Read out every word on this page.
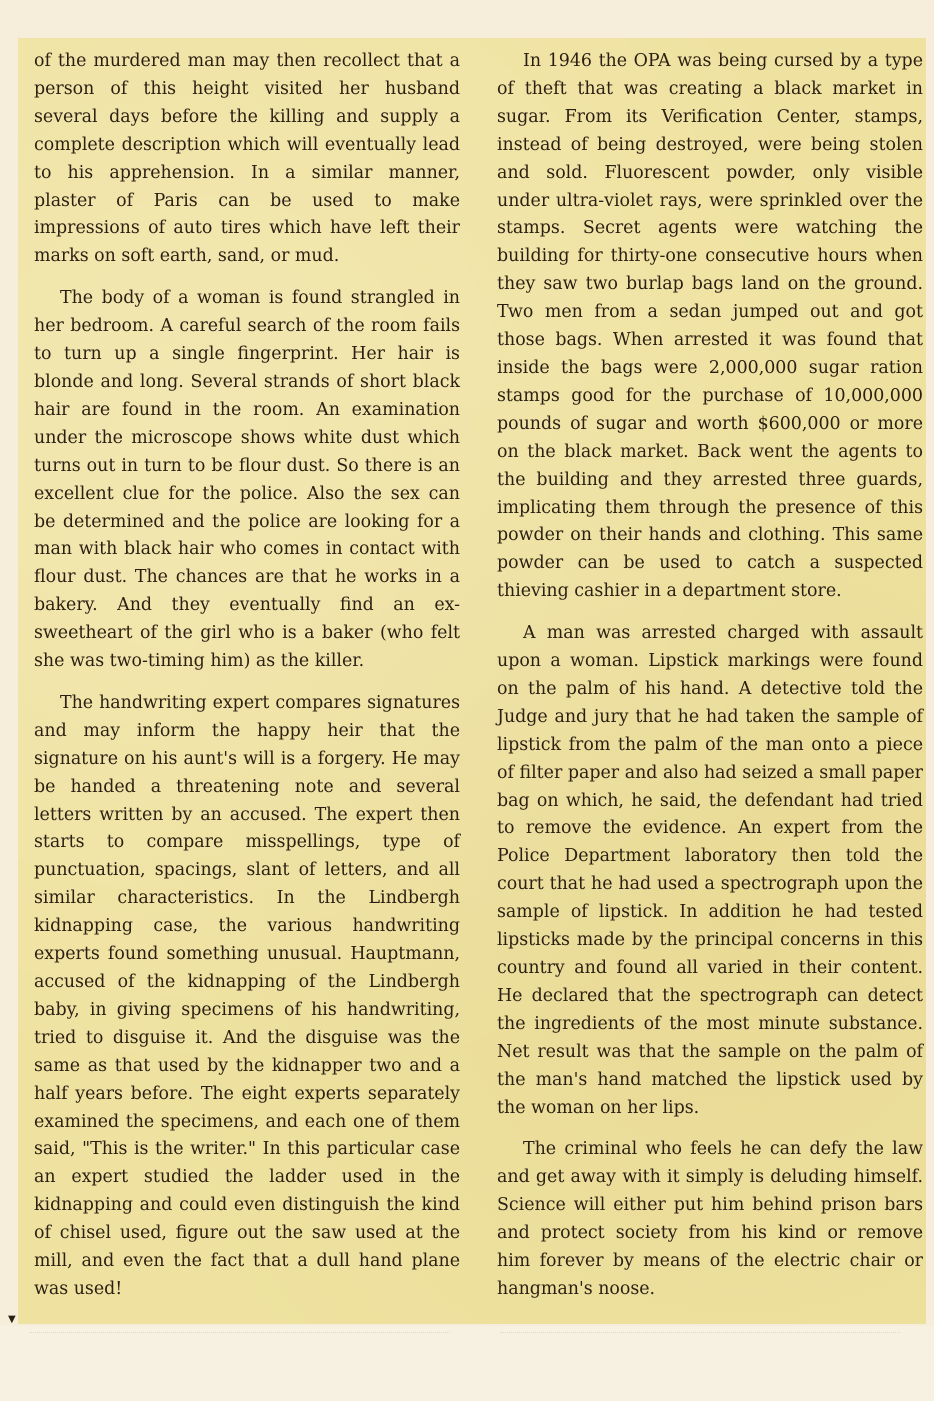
of the murdered man may then recollect that a person of this height visited her husband several days before the killing and supply a complete description which will eventually lead to his apprehension. In a similar manner, plaster of Paris can be used to make impressions of auto tires which have left their marks on soft earth, sand, or mud.

The body of a woman is found strangled in her bedroom. A careful search of the room fails to turn up a single fingerprint. Her hair is blonde and long. Several strands of short black hair are found in the room. An examination under the microscope shows white dust which turns out in turn to be flour dust. So there is an excellent clue for the police. Also the sex can be determined and the police are looking for a man with black hair who comes in contact with flour dust. The chances are that he works in a bakery. And they eventually find an ex-sweetheart of the girl who is a baker (who felt she was two-timing him) as the killer.

The handwriting expert compares signatures and may inform the happy heir that the signature on his aunt's will is a forgery. He may be handed a threatening note and several letters written by an accused. The expert then starts to compare misspellings, type of punctuation, spacings, slant of letters, and all similar characteristics. In the Lindbergh kidnapping case, the various handwriting experts found something unusual. Hauptmann, accused of the kidnapping of the Lindbergh baby, in giving specimens of his handwriting, tried to disguise it. And the disguise was the same as that used by the kidnapper two and a half years before. The eight experts separately examined the specimens, and each one of them said, "This is the writer." In this particular case an expert studied the ladder used in the kidnapping and could even distinguish the kind of chisel used, figure out the saw used at the mill, and even the fact that a dull hand plane was used!

In 1946 the OPA was being cursed by a type of theft that was creating a black market in sugar. From its Verification Center, stamps, instead of being destroyed, were being stolen and sold. Fluorescent powder, only visible under ultra-violet rays, were sprinkled over the stamps. Secret agents were watching the building for thirty-one consecutive hours when they saw two burlap bags land on the ground. Two men from a sedan jumped out and got those bags. When arrested it was found that inside the bags were 2,000,000 sugar ration stamps good for the purchase of 10,000,000 pounds of sugar and worth $600,000 or more on the black market. Back went the agents to the building and they arrested three guards, implicating them through the presence of this powder on their hands and clothing. This same powder can be used to catch a suspected thieving cashier in a department store.

A man was arrested charged with assault upon a woman. Lipstick markings were found on the palm of his hand. A detective told the Judge and jury that he had taken the sample of lipstick from the palm of the man onto a piece of filter paper and also had seized a small paper bag on which, he said, the defendant had tried to remove the evidence. An expert from the Police Department laboratory then told the court that he had used a spectrograph upon the sample of lipstick. In addition he had tested lipsticks made by the principal concerns in this country and found all varied in their content. He declared that the spectrograph can detect the ingredients of the most minute substance. Net result was that the sample on the palm of the man's hand matched the lipstick used by the woman on her lips.

The criminal who feels he can defy the law and get away with it simply is deluding himself. Science will either put him behind prison bars and protect society from his kind or remove him forever by means of the electric chair or hangman's noose.

▼
